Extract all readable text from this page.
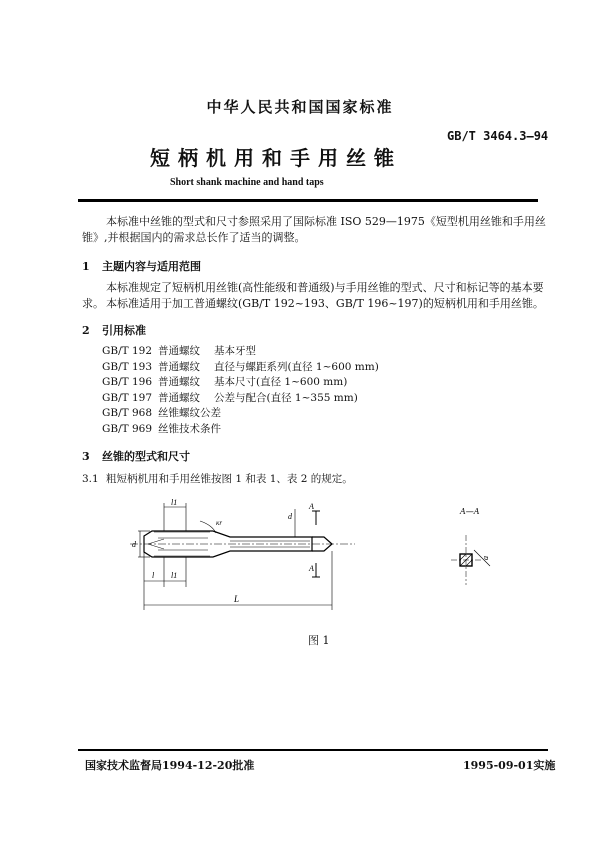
中华人民共和国国家标准
GB/T 3464.3—94
短柄机用和手用丝锥
Short shank machine and hand taps
本标准中丝锥的型式和尺寸参照采用了国际标准 ISO 529—1975《短型机用丝锥和手用丝锥》,并根据国内的需求总长作了适当的调整。
1 主题内容与适用范围
本标准规定了短柄机用丝锥(高性能级和普通级)与手用丝锥的型式、尺寸和标记等的基本要求。 本标准适用于加工普通螺纹(GB/T 192~193、GB/T 196~197)的短柄机用和手用丝锥。
2 引用标准
GB/T 192 普通螺纹 基本牙型
GB/T 193 普通螺纹 直径与螺距系列(直径 1~600 mm)
GB/T 196 普通螺纹 基本尺寸(直径 1~600 mm)
GB/T 197 普通螺纹 公差与配合(直径 1~355 mm)
GB/T 968 丝锥螺纹公差
GB/T 969 丝锥技术条件
3 丝锥的型式和尺寸
3.1 粗短柄机用和手用丝锥按图 1 和表 1、表 2 的规定。
l1
κr
d
A
d
A
l l1
L
A—A
a
图 1
国家技术监督局1994-12-20批准	1995-09-01实施
